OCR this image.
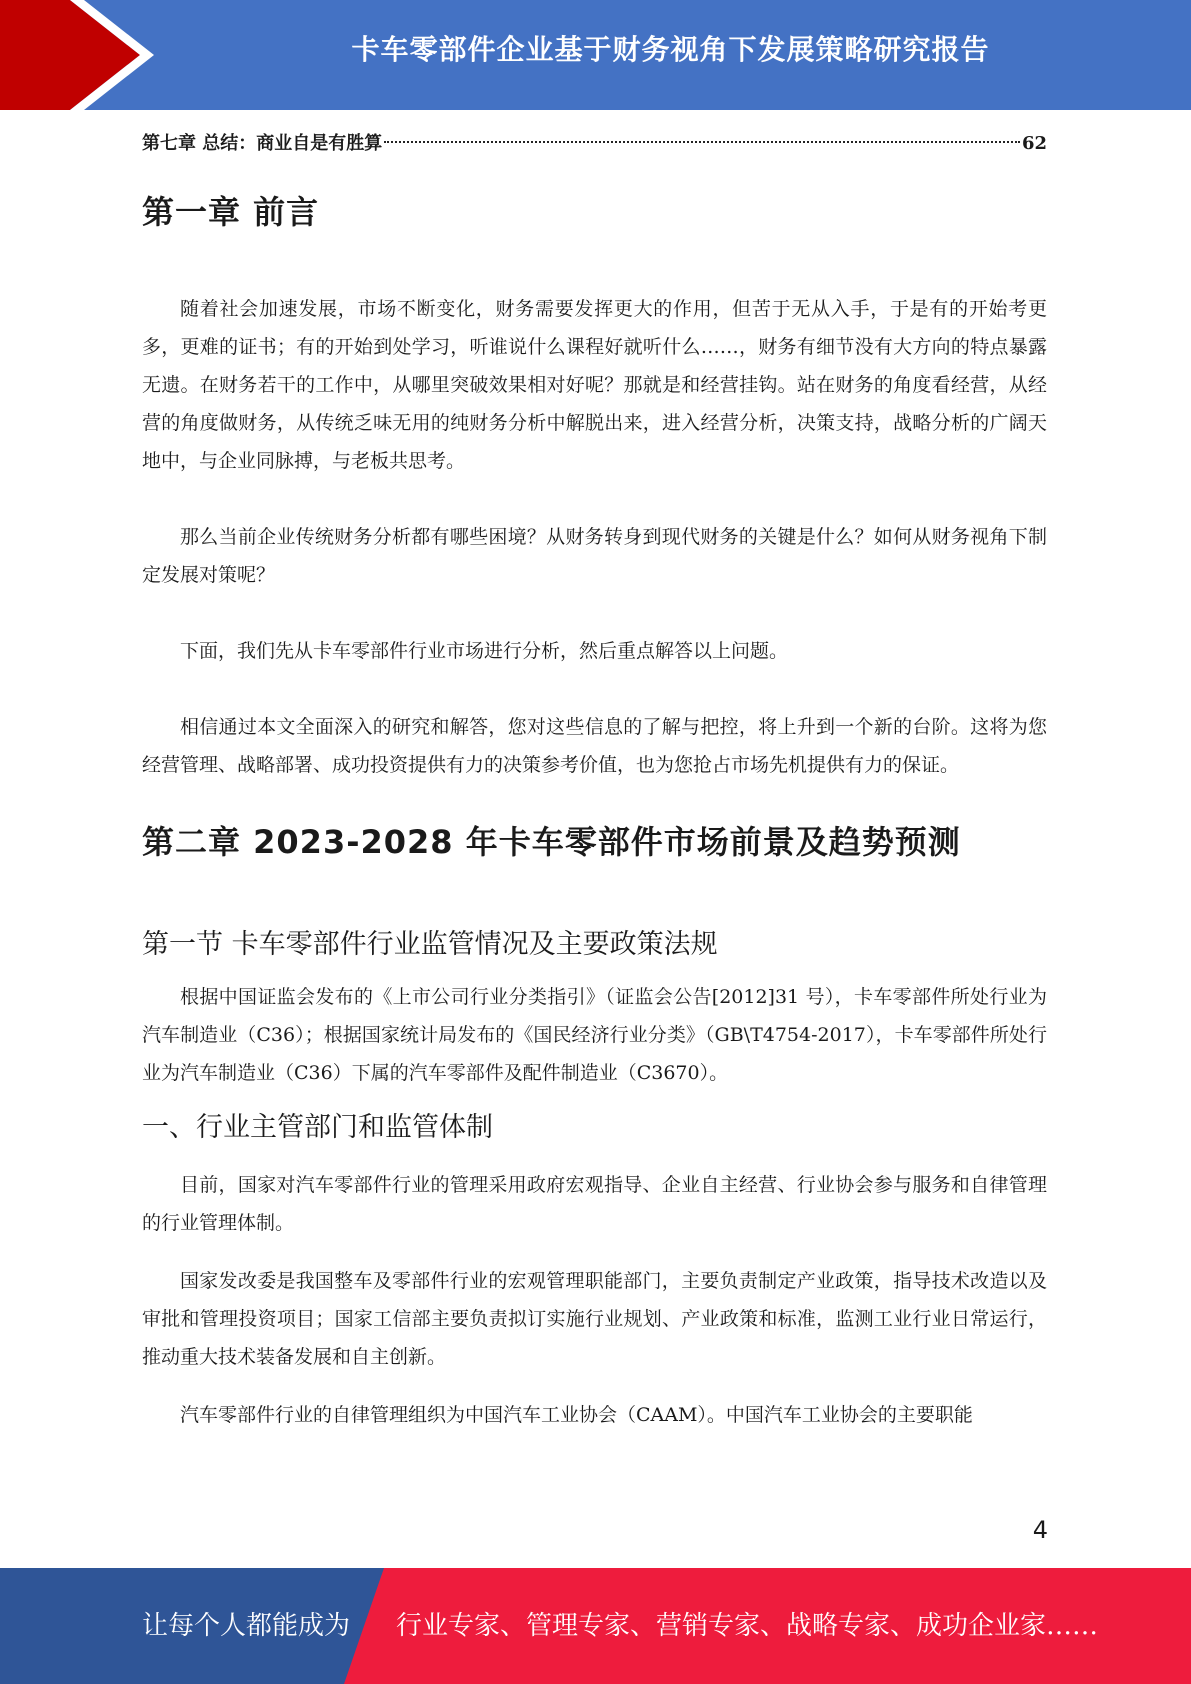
卡车零部件企业基于财务视角下发展策略研究报告
第七章 总结：商业自是有胜算	62
第一章 前言

随着社会加速发展，市场不断变化，财务需要发挥更大的作用，但苦于无从入手，于是有的开始考更多，更难的证书；有的开始到处学习，听谁说什么课程好就听什么……，财务有细节没有大方向的特点暴露无遗。在财务若干的工作中，从哪里突破效果相对好呢？那就是和经营挂钩。站在财务的角度看经营，从经营的角度做财务，从传统乏味无用的纯财务分析中解脱出来，进入经营分析，决策支持，战略分析的广阔天地中，与企业同脉搏，与老板共思考。

那么当前企业传统财务分析都有哪些困境？从财务转身到现代财务的关键是什么？如何从财务视角下制定发展对策呢？

下面，我们先从卡车零部件行业市场进行分析，然后重点解答以上问题。

相信通过本文全面深入的研究和解答，您对这些信息的了解与把控，将上升到一个新的台阶。这将为您经营管理、战略部署、成功投资提供有力的决策参考价值，也为您抢占市场先机提供有力的保证。

第二章 2023-2028 年卡车零部件市场前景及趋势预测
第一节 卡车零部件行业监管情况及主要政策法规

根据中国证监会发布的《上市公司行业分类指引》（证监会公告[2012]31 号），卡车零部件所处行业为汽车制造业（C36）；根据国家统计局发布的《国民经济行业分类》（GB\T4754-2017），卡车零部件所处行业为汽车制造业（C36）下属的汽车零部件及配件制造业（C3670）。

一、行业主管部门和监管体制

目前，国家对汽车零部件行业的管理采用政府宏观指导、企业自主经营、行业协会参与服务和自律管理的行业管理体制。

国家发改委是我国整车及零部件行业的宏观管理职能部门，主要负责制定产业政策，指导技术改造以及审批和管理投资项目；国家工信部主要负责拟订实施行业规划、产业政策和标准，监测工业行业日常运行，推动重大技术装备发展和自主创新。

汽车零部件行业的自律管理组织为中国汽车工业协会（CAAM）。中国汽车工业协会的主要职能

4
让每个人都能成为 行业专家、管理专家、营销专家、战略专家、成功企业家……
